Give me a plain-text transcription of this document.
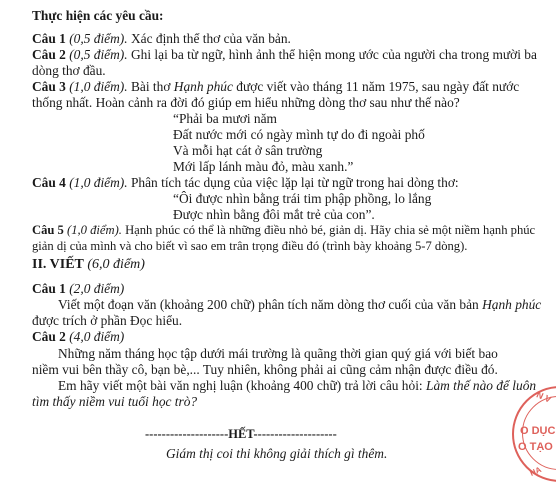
Thực hiện các yêu cầu:
Câu 1 (0,5 điểm). Xác định thể thơ của văn bản.
Câu 2 (0,5 điểm). Ghi lại ba từ ngữ, hình ảnh thể hiện mong ước của người cha trong mười ba
dòng thơ đầu.
Câu 3 (1,0 điểm). Bài thơ Hạnh phúc được viết vào tháng 11 năm 1975, sau ngày đất nước
thống nhất. Hoàn cảnh ra đời đó giúp em hiểu những dòng thơ sau như thế nào?
“Phải ba mươi năm
Đất nước mới có ngày mình tự do đi ngoài phố
Và mỗi hạt cát ở sân trường
Mới lấp lánh màu đỏ, màu xanh.”
Câu 4 (1,0 điểm). Phân tích tác dụng của việc lặp lại từ ngữ trong hai dòng thơ:
“Ôi được nhìn bằng trái tim phập phồng, lo lắng
Được nhìn bằng đôi mắt trẻ của con”.
Câu 5 (1,0 điểm). Hạnh phúc có thể là những điều nhỏ bé, giản dị. Hãy chia sẻ một niềm hạnh phúc
giản dị của mình và cho biết vì sao em trân trọng điều đó (trình bày khoảng 5-7 dòng).
II. VIẾT (6,0 điểm)
Câu 1 (2,0 điểm)
Viết một đoạn văn (khoảng 200 chữ) phân tích năm dòng thơ cuối của văn bản Hạnh phúc
được trích ở phần Đọc hiểu.
Câu 2 (4,0 điểm)
Những năm tháng học tập dưới mái trường là quãng thời gian quý giá với biết bao
niềm vui bên thầy cô, bạn bè,... Tuy nhiên, không phải ai cũng cảm nhận được điều đó.
Em hãy viết một bài văn nghị luận (khoảng 400 chữ) trả lời câu hỏi: Làm thế nào để luôn
tìm thấy niềm vui tuổi học trò?
--------------------HẾT--------------------
Giám thị coi thi không giải thích gì thêm.
N V
O DỤC
O TẠO
HA
